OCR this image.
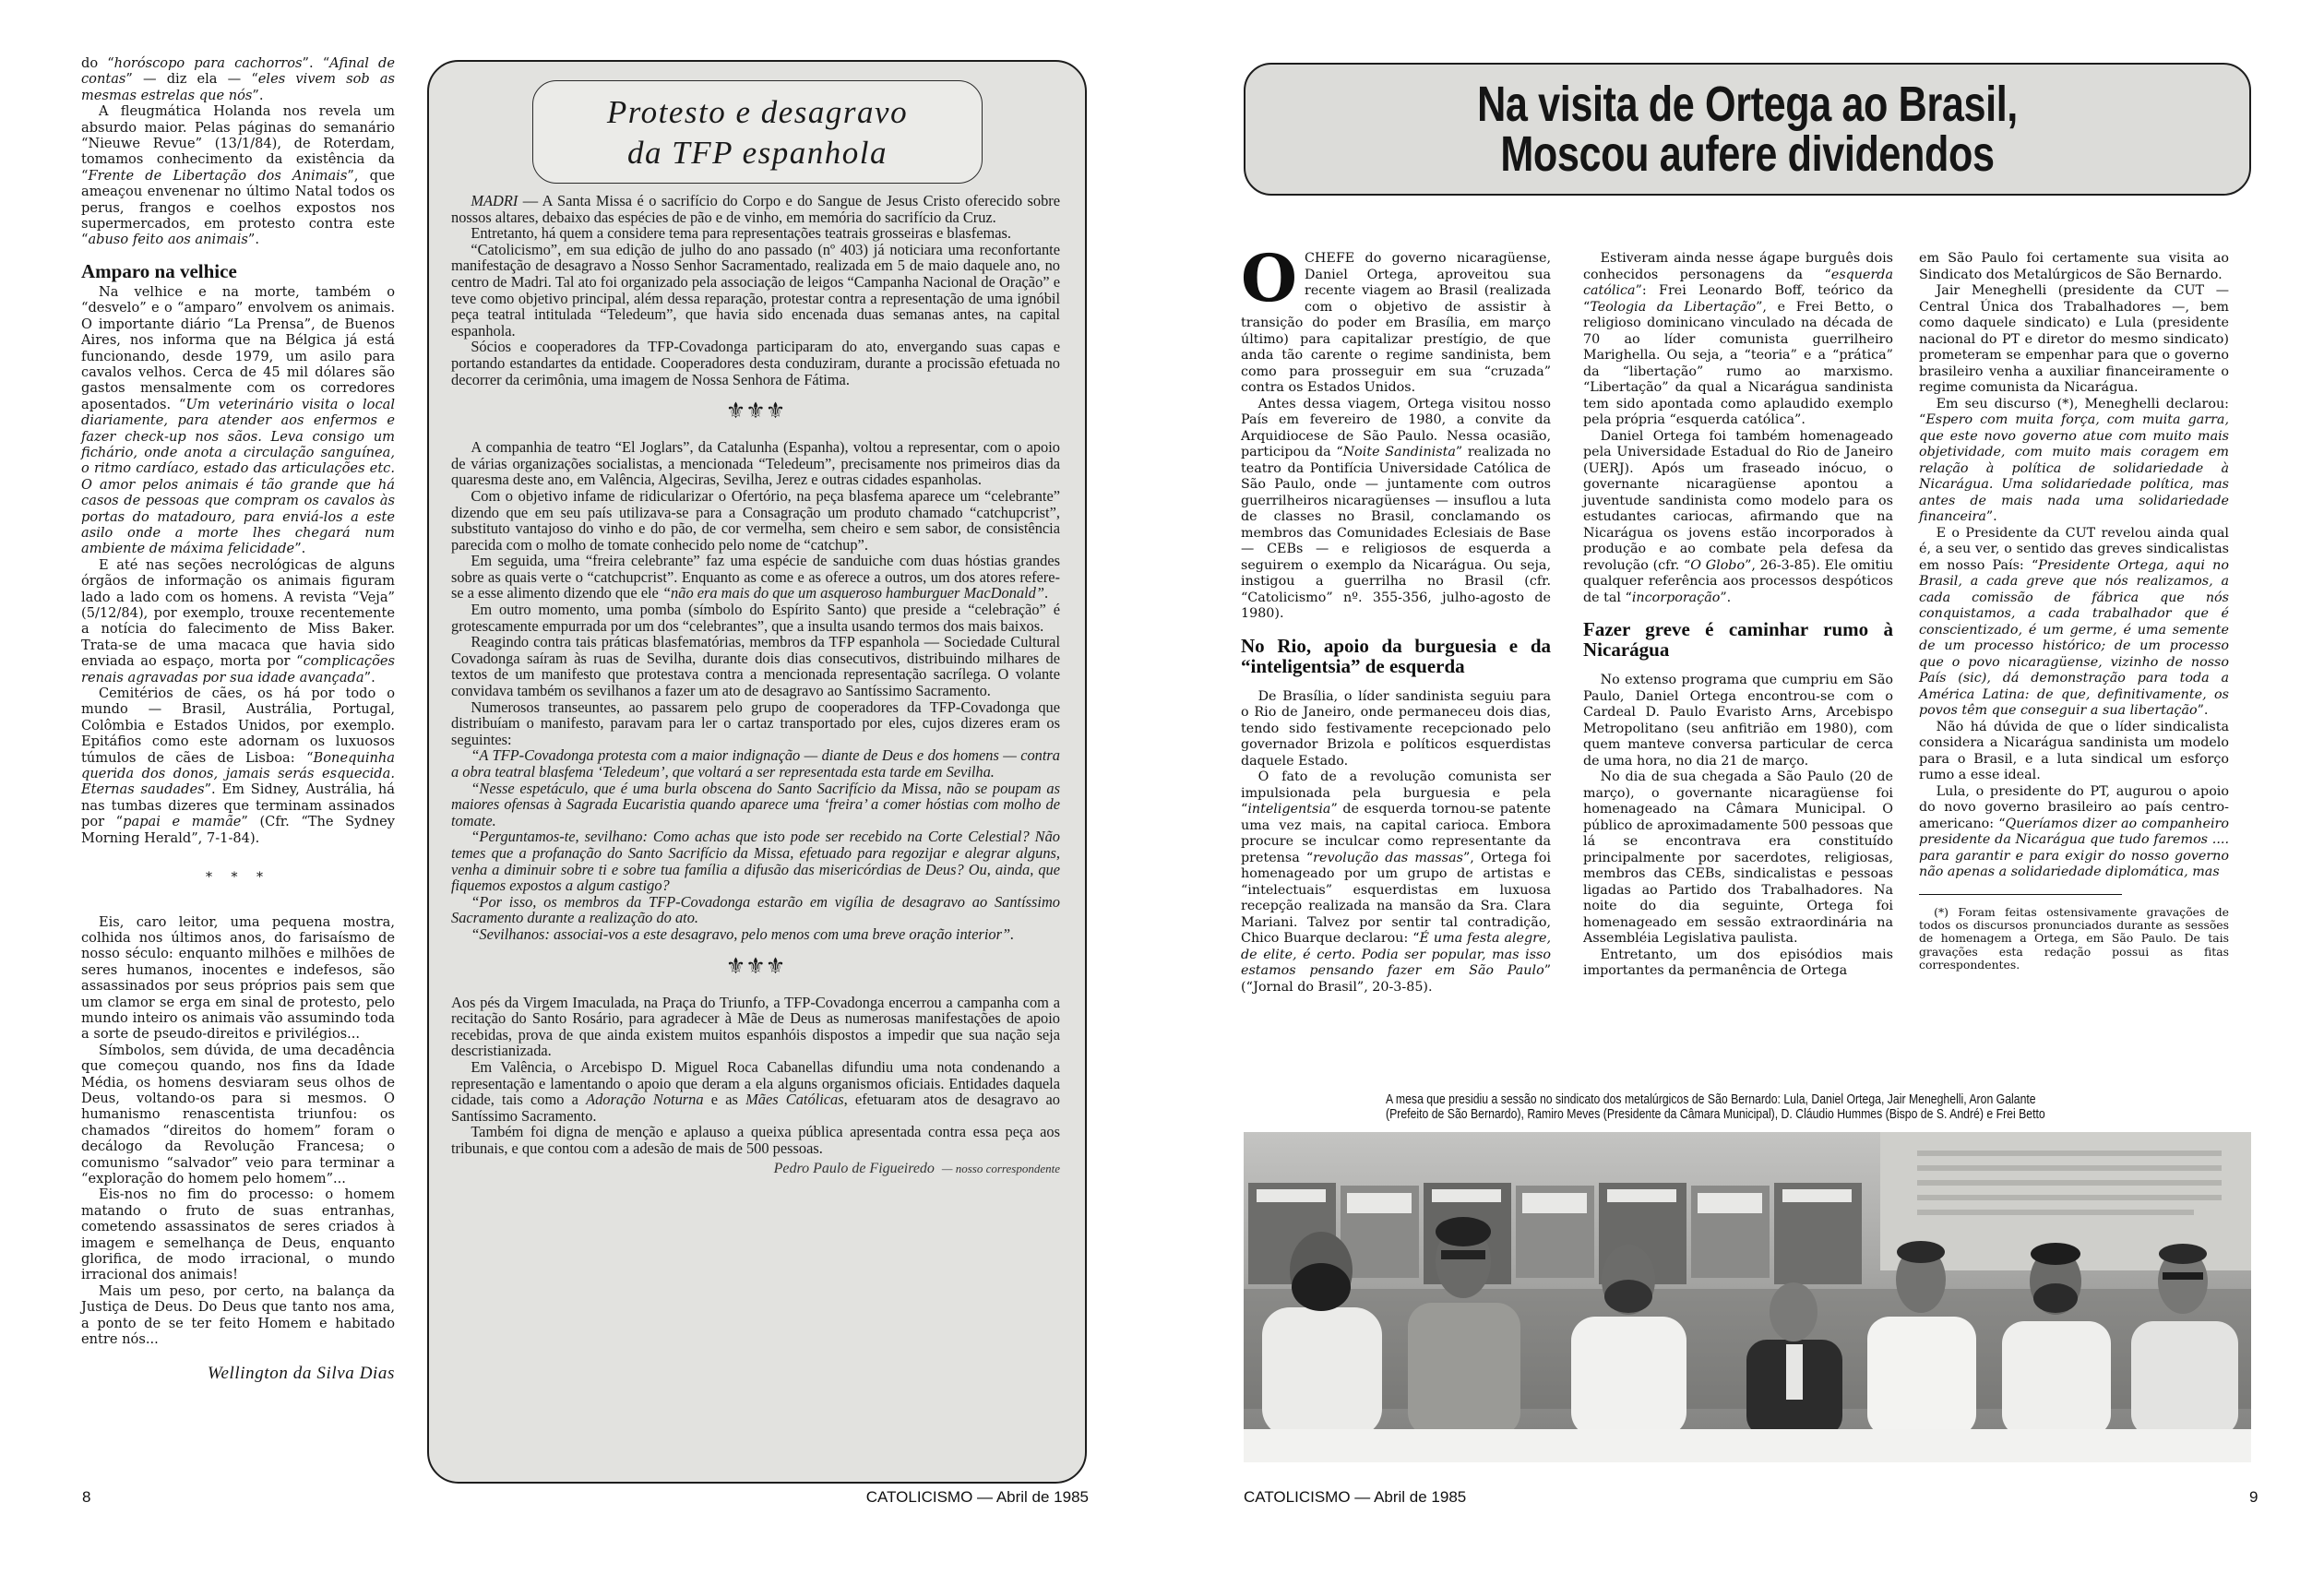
do “horóscopo para cachorros”. “Afinal de contas” — diz ela — “eles vivem sob as mesmas estrelas que nós”.

A fleugmática Holanda nos revela um absurdo maior. Pelas páginas do semanário “Nieuwe Revue” (13/1/84), de Roterdam, tomamos conhecimento da existência da “Frente de Libertação dos Animais”, que ameaçou envenenar no último Natal todos os perus, frangos e coelhos expostos nos supermercados, em protesto contra este “abuso feito aos animais”.

Amparo na velhice

Na velhice e na morte, também o “desvelo” e o “amparo” envolvem os animais. O importante diário “La Prensa”, de Buenos Aires, nos informa que na Bélgica já está funcionando, desde 1979, um asilo para cavalos velhos. Cerca de 45 mil dólares são gastos mensalmente com os corredores aposentados. “Um veterinário visita o local diariamente, para atender aos enfermos e fazer check-up nos sãos. Leva consigo um fichário, onde anota a circulação sanguínea, o ritmo cardíaco, estado das articulações etc. O amor pelos animais é tão grande que há casos de pessoas que compram os cavalos às portas do matadouro, para enviá-los a este asilo onde a morte lhes chegará num ambiente de máxima felicidade”.

E até nas seções necrológicas de alguns órgãos de informação os animais figuram lado a lado com os homens. A revista “Veja” (5/12/84), por exemplo, trouxe recentemente a notícia do falecimento de Miss Baker. Trata-se de uma macaca que havia sido enviada ao espaço, morta por “complicações renais agravadas por sua idade avançada”.

Cemitérios de cães, os há por todo o mundo — Brasil, Austrália, Portugal, Colômbia e Estados Unidos, por exemplo. Epitáfios como este adornam os luxuosos túmulos de cães de Lisboa: “Bonequinha querida dos donos, jamais serás esquecida. Eternas saudades”. Em Sidney, Austrália, há nas tumbas dizeres que terminam assinados por “papai e mamãe” (Cfr. “The Sydney Morning Herald”, 7-1-84).

* * *

Eis, caro leitor, uma pequena mostra, colhida nos últimos anos, do farisaísmo de nosso século: enquanto milhões e milhões de seres humanos, inocentes e indefesos, são assassinados por seus próprios pais sem que um clamor se erga em sinal de protesto, pelo mundo inteiro os animais vão assumindo toda a sorte de pseudo-direitos e privilégios...

Símbolos, sem dúvida, de uma decadência que começou quando, nos fins da Idade Média, os homens desviaram seus olhos de Deus, voltando-os para si mesmos. O humanismo renascentista triunfou: os chamados “direitos do homem” foram o decálogo da Revolução Francesa; o comunismo “salvador” veio para terminar a “exploração do homem pelo homem”...

Eis-nos no fim do processo: o homem matando o fruto de suas entranhas, cometendo assassinatos de seres criados à imagem e semelhança de Deus, enquanto glorifica, de modo irracional, o mundo irracional dos animais!

Mais um peso, por certo, na balança da Justiça de Deus. Do Deus que tanto nos ama, a ponto de se ter feito Homem e habitado entre nós...

Wellington da Silva Dias
Protesto e desagravo
da TFP espanhola

MADRI — A Santa Missa é o sacrifício do Corpo e do Sangue de Jesus Cristo oferecido sobre nossos altares, debaixo das espécies de pão e de vinho, em memória do sacrifício da Cruz.

Entretanto, há quem a considere tema para representações teatrais grosseiras e blasfemas.

“Catolicismo”, em sua edição de julho do ano passado (nº 403) já noticiara uma reconfortante manifestação de desagravo a Nosso Senhor Sacramentado, realizada em 5 de maio daquele ano, no centro de Madri. Tal ato foi organizado pela associação de leigos “Campanha Nacional de Oração” e teve como objetivo principal, além dessa reparação, protestar contra a representação de uma ignóbil peça teatral intitulada “Teledeum”, que havia sido encenada duas semanas antes, na capital espanhola.

Sócios e cooperadores da TFP-Covadonga participaram do ato, envergando suas capas e portando estandartes da entidade. Cooperadores desta conduziram, durante a procissão efetuada no decorrer da cerimônia, uma imagem de Nossa Senhora de Fátima.

⚜⚜⚜

A companhia de teatro “El Joglars”, da Catalunha (Espanha), voltou a representar, com o apoio de várias organizações socialistas, a mencionada “Teledeum”, precisamente nos primeiros dias da quaresma deste ano, em Valência, Algeciras, Sevilha, Jerez e outras cidades espanholas.

Com o objetivo infame de ridicularizar o Ofertório, na peça blasfema aparece um “celebrante” dizendo que em seu país utilizava-se para a Consagração um produto chamado “catchupcrist”, substituto vantajoso do vinho e do pão, de cor vermelha, sem cheiro e sem sabor, de consistência parecida com o molho de tomate conhecido pelo nome de “catchup”.

Em seguida, uma “freira celebrante” faz uma espécie de sanduiche com duas hóstias grandes sobre as quais verte o “catchupcrist”. Enquanto as come e as oferece a outros, um dos atores refere-se a esse alimento dizendo que ele “não era mais do que um asqueroso hamburguer MacDonald”.

Em outro momento, uma pomba (símbolo do Espírito Santo) que preside a “celebração” é grotescamente empurrada por um dos “celebrantes”, que a insulta usando termos dos mais baixos.

Reagindo contra tais práticas blasfematórias, membros da TFP espanhola — Sociedade Cultural Covadonga saíram às ruas de Sevilha, durante dois dias consecutivos, distribuindo milhares de textos de um manifesto que protestava contra a mencionada representação sacrílega. O volante convidava também os sevilhanos a fazer um ato de desagravo ao Santíssimo Sacramento.

Numerosos transeuntes, ao passarem pelo grupo de cooperadores da TFP-Covadonga que distribuíam o manifesto, paravam para ler o cartaz transportado por eles, cujos dizeres eram os seguintes:

“A TFP-Covadonga protesta com a maior indignação — diante de Deus e dos homens — contra a obra teatral blasfema ‘Teledeum’, que voltará a ser representada esta tarde em Sevilha.

“Nesse espetáculo, que é uma burla obscena do Santo Sacrifício da Missa, não se poupam as maiores ofensas à Sagrada Eucaristia quando aparece uma ‘freira’ a comer hóstias com molho de tomate.

“Perguntamos-te, sevilhano: Como achas que isto pode ser recebido na Corte Celestial? Não temes que a profanação do Santo Sacrifício da Missa, efetuado para regozijar e alegrar alguns, venha a diminuir sobre ti e sobre tua família a difusão das misericórdias de Deus? Ou, ainda, que fiquemos expostos a algum castigo?

“Por isso, os membros da TFP-Covadonga estarão em vigília de desagravo ao Santíssimo Sacramento durante a realização do ato.

“Sevilhanos: associai-vos a este desagravo, pelo menos com uma breve oração interior”.

⚜⚜⚜

Aos pés da Virgem Imaculada, na Praça do Triunfo, a TFP-Covadonga encerrou a campanha com a recitação do Santo Rosário, para agradecer à Mãe de Deus as numerosas manifestações de apoio recebidas, prova de que ainda existem muitos espanhóis dispostos a impedir que sua nação seja descristianizada.

Em Valência, o Arcebispo D. Miguel Roca Cabanellas difundiu uma nota condenando a representação e lamentando o apoio que deram a ela alguns organismos oficiais. Entidades daquela cidade, tais como a Adoração Noturna e as Mães Católicas, efetuaram atos de desagravo ao Santíssimo Sacramento.

Também foi digna de menção e aplauso a queixa pública apresentada contra essa peça aos tribunais, e que contou com a adesão de mais de 500 pessoas.

Pedro Paulo de Figueiredo — nosso correspondente
8	CATOLICISMO — Abril de 1985
Na visita de Ortega ao Brasil,
Moscou aufere dividendos

OCHEFE do governo nicaragüense, Daniel Ortega, aproveitou sua recente viagem ao Brasil (realizada com o objetivo de assistir à transição do poder em Brasília, em março último) para capitalizar prestígio, de que anda tão carente o regime sandinista, bem como para prosseguir em sua “cruzada” contra os Estados Unidos.

Antes dessa viagem, Ortega visitou nosso País em fevereiro de 1980, a convite da Arquidiocese de São Paulo. Nessa ocasião, participou da “Noite Sandinista” realizada no teatro da Pontifícia Universidade Católica de São Paulo, onde — juntamente com outros guerrilheiros nicaragüenses — insuflou a luta de classes no Brasil, conclamando os membros das Comunidades Eclesiais de Base — CEBs — e religiosos de esquerda a seguirem o exemplo da Nicarágua. Ou seja, instigou a guerrilha no Brasil (cfr. “Catolicismo” nº. 355-356, julho-agosto de 1980).

No Rio, apoio da burguesia e da “inteligentsia” de esquerda

De Brasília, o líder sandinista seguiu para o Rio de Janeiro, onde permaneceu dois dias, tendo sido festivamente recepcionado pelo governador Brizola e políticos esquerdistas daquele Estado.

O fato de a revolução comunista ser impulsionada pela burguesia e pela “inteligentsia” de esquerda tornou-se patente uma vez mais, na capital carioca. Embora procure se inculcar como representante da pretensa “revolução das massas”, Ortega foi homenageado por um grupo de artistas e “intelectuais” esquerdistas em luxuosa recepção realizada na mansão da Sra. Clara Mariani. Talvez por sentir tal contradição, Chico Buarque declarou: “É uma festa alegre, de elite, é certo. Podia ser popular, mas isso estamos pensando fazer em São Paulo” (“Jornal do Brasil”, 20-3-85).

Estiveram ainda nesse ágape burguês dois conhecidos personagens da “esquerda católica”: Frei Leonardo Boff, teórico da “Teologia da Libertação”, e Frei Betto, o religioso dominicano vinculado na década de 70 ao líder comunista guerrilheiro Marighella. Ou seja, a “teoria” e a “prática” da “libertação” rumo ao marxismo. “Libertação” da qual a Nicarágua sandinista tem sido apontada como aplaudido exemplo pela própria “esquerda católica”.

Daniel Ortega foi também homenageado pela Universidade Estadual do Rio de Janeiro (UERJ). Após um fraseado inócuo, o governante nicaragüense apontou a juventude sandinista como modelo para os estudantes cariocas, afirmando que na Nicarágua os jovens estão incorporados à produção e ao combate pela defesa da revolução (cfr. “O Globo”, 26-3-85). Ele omitiu qualquer referência aos processos despóticos de tal “incorporação”.

Fazer greve é caminhar rumo à Nicarágua

No extenso programa que cumpriu em São Paulo, Daniel Ortega encontrou-se com o Cardeal D. Paulo Evaristo Arns, Arcebispo Metropolitano (seu anfitrião em 1980), com quem manteve conversa particular de cerca de uma hora, no dia 21 de março.

No dia de sua chegada a São Paulo (20 de março), o governante nicaragüense foi homenageado na Câmara Municipal. O público de aproximadamente 500 pessoas que lá se encontrava era constituído principalmente por sacerdotes, religiosas, membros das CEBs, sindicalistas e pessoas ligadas ao Partido dos Trabalhadores. Na noite do dia seguinte, Ortega foi homenageado em sessão extraordinária na Assembléia Legislativa paulista.

Entretanto, um dos episódios mais importantes da permanência de Ortega

em São Paulo foi certamente sua visita ao Sindicato dos Metalúrgicos de São Bernardo.

Jair Meneghelli (presidente da CUT — Central Única dos Trabalhadores —, bem como daquele sindicato) e Lula (presidente nacional do PT e diretor do mesmo sindicato) prometeram se empenhar para que o governo brasileiro venha a auxiliar financeiramente o regime comunista da Nicarágua.

Em seu discurso (*), Meneghelli declarou: “Espero com muita força, com muita garra, que este novo governo atue com muito mais objetividade, com muito mais coragem em relação à política de solidariedade à Nicarágua. Uma solidariedade política, mas antes de mais nada uma solidariedade financeira”.

E o Presidente da CUT revelou ainda qual é, a seu ver, o sentido das greves sindicalistas em nosso País: “Presidente Ortega, aqui no Brasil, a cada greve que nós realizamos, a cada comissão de fábrica que nós conquistamos, a cada trabalhador que é conscientizado, é um germe, é uma semente de um processo histórico; de um processo que o povo nicaragüense, vizinho de nosso País (sic), dá demonstração para toda a América Latina: de que, definitivamente, os povos têm que conseguir a sua libertação”.

Não há dúvida de que o líder sindicalista considera a Nicarágua sandinista um modelo para o Brasil, e a luta sindical um esforço rumo a esse ideal.

Lula, o presidente do PT, augurou o apoio do novo governo brasileiro ao país centro-americano: “Queríamos dizer ao companheiro presidente da Nicarágua que tudo faremos .... para garantir e para exigir do nosso governo não apenas a solidariedade diplomática, mas

(*) Foram feitas ostensivamente gravações de todos os discursos pronunciados durante as sessões de homenagem a Ortega, em São Paulo. De tais gravações esta redação possui as fitas correspondentes.

A mesa que presidiu a sessão no sindicato dos metalúrgicos de São Bernardo: Lula, Daniel Ortega, Jair Meneghelli, Aron Galante
(Prefeito de São Bernardo), Ramiro Meves (Presidente da Câmara Municipal), D. Cláudio Hummes (Bispo de S. André) e Frei Betto
CATOLICISMO — Abril de 1985	9
